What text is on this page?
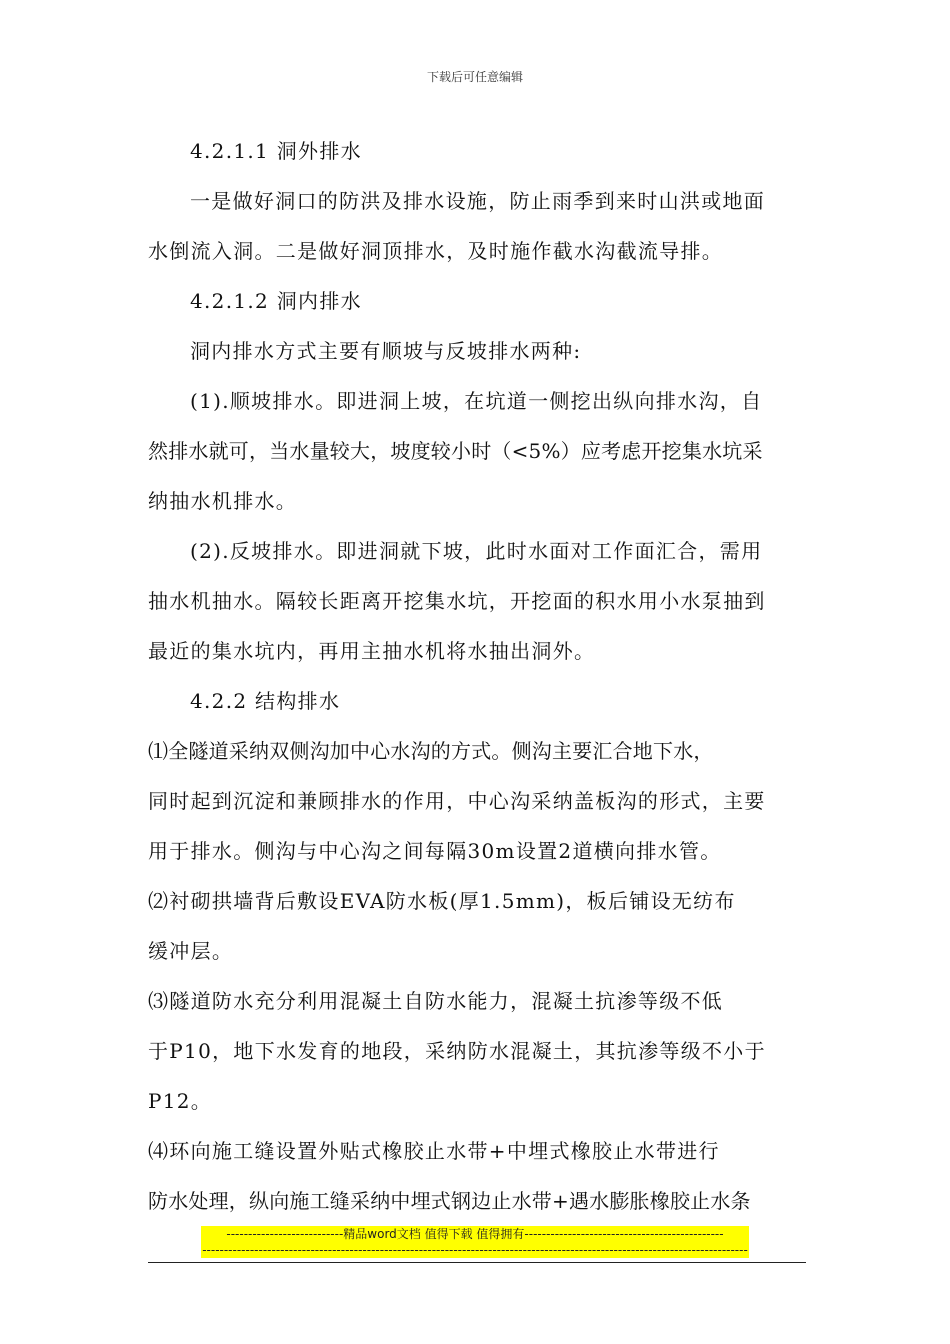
下载后可任意编辑
4.2.1.1 洞外排水
一是做好洞口的防洪及排水设施，防止雨季到来时山洪或地面
水倒流入洞。二是做好洞顶排水，及时施作截水沟截流导排。
4.2.1.2 洞内排水
洞内排水方式主要有顺坡与反坡排水两种:
(1).顺坡排水。即进洞上坡，在坑道一侧挖出纵向排水沟，自
然排水就可，当水量较大，坡度较小时（<5%）应考虑开挖集水坑采
纳抽水机排水。
(2).反坡排水。即进洞就下坡，此时水面对工作面汇合，需用
抽水机抽水。隔较长距离开挖集水坑，开挖面的积水用小水泵抽到
最近的集水坑内，再用主抽水机将水抽出洞外。
4.2.2 结构排水
⑴全隧道采纳双侧沟加中心水沟的方式。侧沟主要汇合地下水，
同时起到沉淀和兼顾排水的作用，中心沟采纳盖板沟的形式，主要
用于排水。侧沟与中心沟之间每隔30m设置2道横向排水管。
⑵衬砌拱墙背后敷设EVA防水板(厚1.5mm)，板后铺设无纺布
缓冲层。
⑶隧道防水充分利用混凝土自防水能力，混凝土抗渗等级不低
于P10，地下水发育的地段，采纳防水混凝土，其抗渗等级不小于
P12。
⑷环向施工缝设置外贴式橡胶止水带+中埋式橡胶止水带进行
防水处理，纵向施工缝采纳中埋式钢边止水带+遇水膨胀橡胶止水条
---------------------------精品word文档 值得下载 值得拥有----------------------------------------------
------------------------------------------------------------------------------------------------------------------------------
